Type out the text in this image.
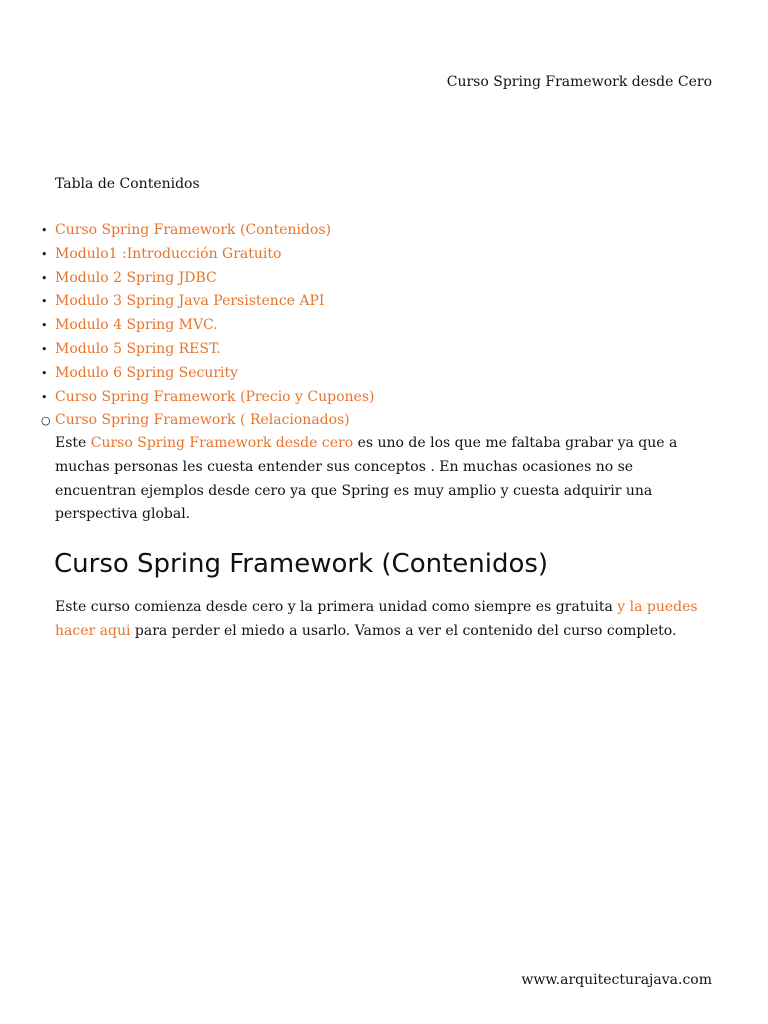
Curso Spring Framework desde Cero
Tabla de Contenidos
• Curso Spring Framework (Contenidos)
• Modulo1 :Introducción Gratuito
• Modulo 2 Spring JDBC
• Modulo 3 Spring Java Persistence API
• Modulo 4 Spring MVC.
• Modulo 5 Spring REST.
• Modulo 6 Spring Security
• Curso Spring Framework (Precio y Cupones)
○ Curso Spring Framework ( Relacionados)

Este Curso Spring Framework desde cero es uno de los que me faltaba grabar ya que a muchas personas les cuesta entender sus conceptos . En muchas ocasiones no se encuentran ejemplos desde cero ya que Spring es muy amplio y cuesta adquirir una perspectiva global.

Curso Spring Framework (Contenidos)

Este curso comienza desde cero y la primera unidad como siempre es gratuita y la puedes hacer aqui para perder el miedo a usarlo. Vamos a ver el contenido del curso completo.

www.arquitecturajava.com
